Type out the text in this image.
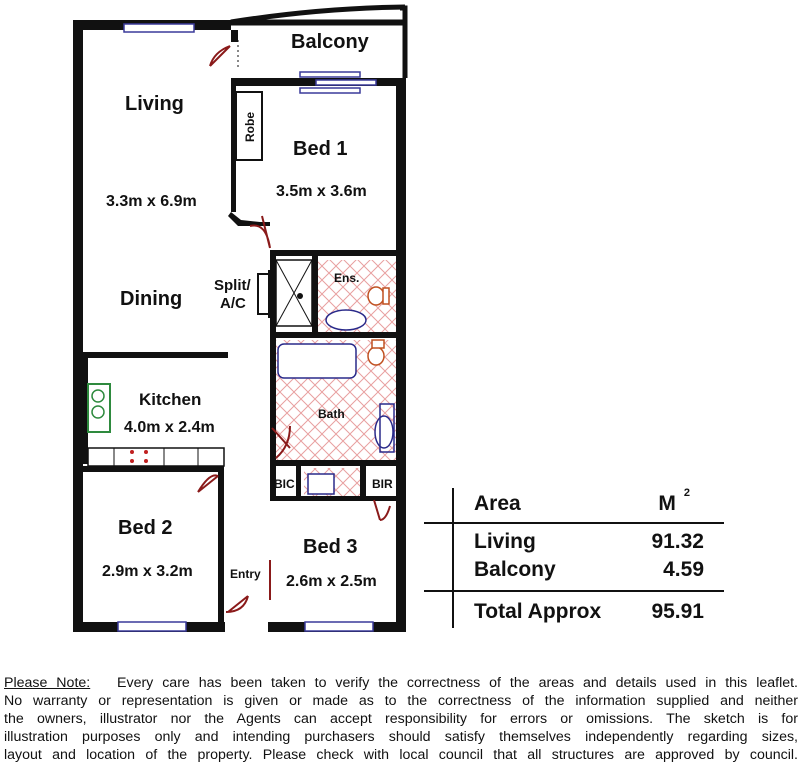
Balcony
Living
3.3m x 6.9m
Robe
Bed 1
3.5m x 3.6m
Ens.
Split/
A/C
Dining
Kitchen
4.0m x 2.4m
Bath
BIC	BIR
Bed 2
2.9m x 3.2m	Entry
Bed 3
2.6m x 2.5m
Area	M $^2$
Living	91.32
Balcony	4.59
Total Approx 95.91
Please Note: Every care has been taken to verify the correctness of the areas and details used in this leaflet.
No warranty or representation is given or made as to the correctness of the information supplied and neither
the owners, illustrator nor the Agents can accept responsibility for errors or omissions. The sketch is for
illustration purposes only and intending purchasers should satisfy themselves independently regarding sizes,
layout and location of the property. Please check with local council that all structures are approved by council.
